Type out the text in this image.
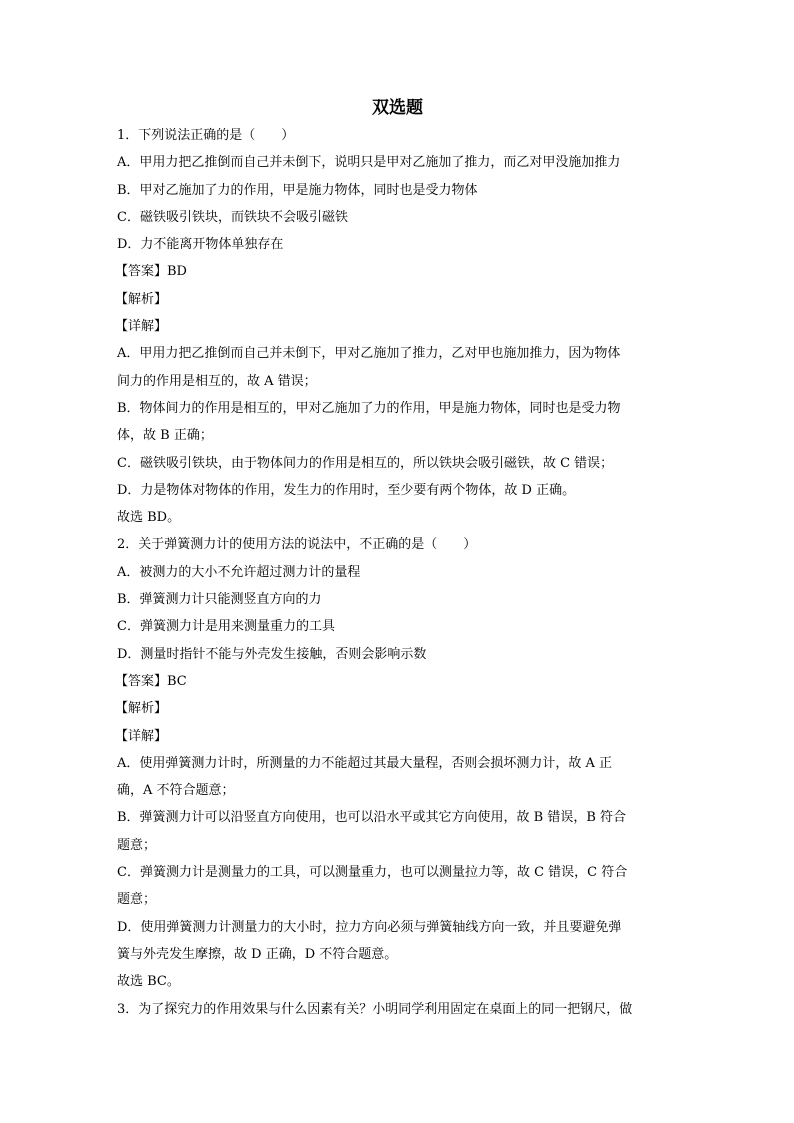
双选题
1．下列说法正确的是（　　）
A．甲用力把乙推倒而自己并未倒下，说明只是甲对乙施加了推力，而乙对甲没施加推力
B．甲对乙施加了力的作用，甲是施力物体，同时也是受力物体
C．磁铁吸引铁块，而铁块不会吸引磁铁
D．力不能离开物体单独存在
【答案】BD
【解析】
【详解】
A．甲用力把乙推倒而自己并未倒下，甲对乙施加了推力，乙对甲也施加推力，因为物体
间力的作用是相互的，故 A 错误；
B．物体间力的作用是相互的，甲对乙施加了力的作用，甲是施力物体，同时也是受力物
体，故 B 正确；
C．磁铁吸引铁块，由于物体间力的作用是相互的，所以铁块会吸引磁铁，故 C 错误；
D．力是物体对物体的作用，发生力的作用时，至少要有两个物体，故 D 正确。
故选 BD。
2．关于弹簧测力计的使用方法的说法中，不正确的是（　　）
A．被测力的大小不允许超过测力计的量程
B．弹簧测力计只能测竖直方向的力
C．弹簧测力计是用来测量重力的工具
D．测量时指针不能与外壳发生接触，否则会影响示数
【答案】BC
【解析】
【详解】
A．使用弹簧测力计时，所测量的力不能超过其最大量程，否则会损坏测力计，故 A 正
确，A 不符合题意；
B．弹簧测力计可以沿竖直方向使用，也可以沿水平或其它方向使用，故 B 错误，B 符合
题意；
C．弹簧测力计是测量力的工具，可以测量重力，也可以测量拉力等，故 C 错误，C 符合
题意；
D．使用弹簧测力计测量力的大小时，拉力方向必须与弹簧轴线方向一致，并且要避免弹
簧与外壳发生摩擦，故 D 正确，D 不符合题意。
故选 BC。
3．为了探究力的作用效果与什么因素有关？小明同学利用固定在桌面上的同一把钢尺，做
